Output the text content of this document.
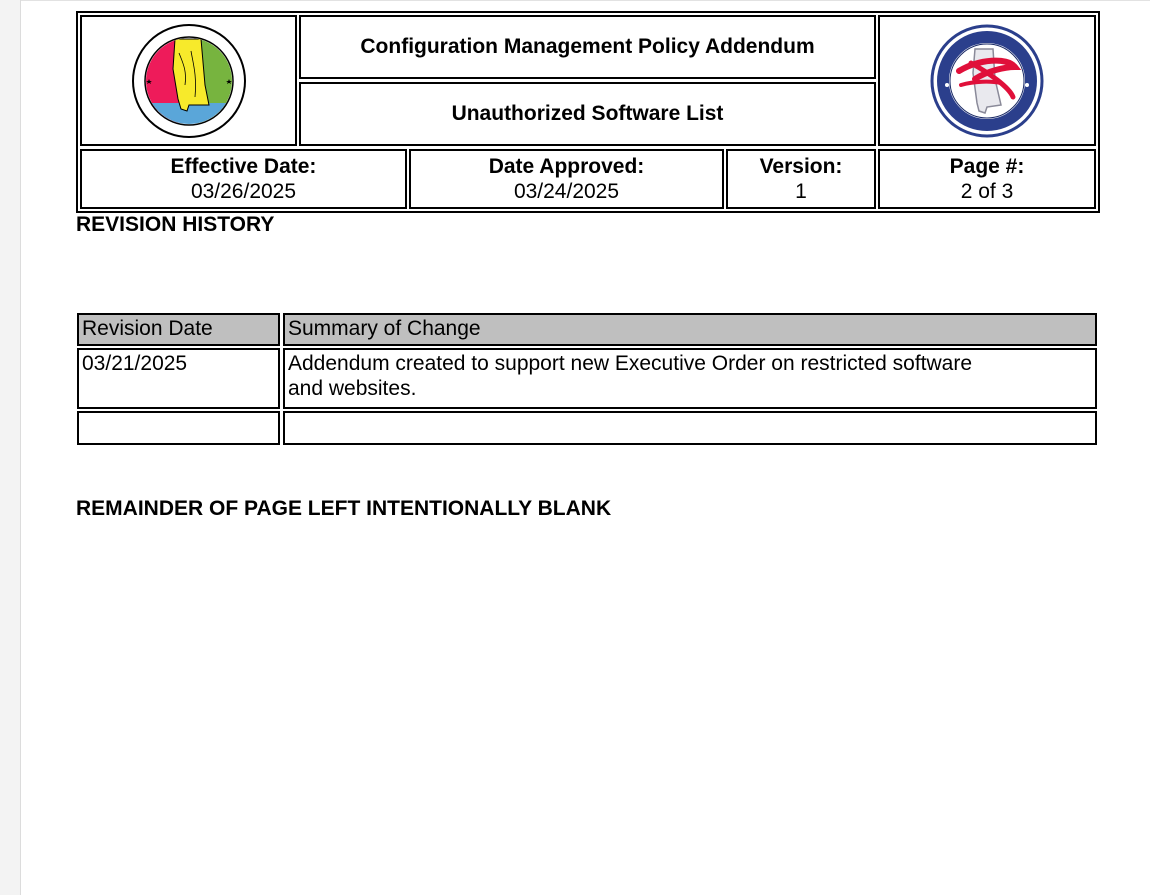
Configuration Management Policy Addendum
Unauthorized Software List
Effective Date:
03/26/2025
Date Approved:
03/24/2025
Version:
1
Page #:
2 of 3
REVISION HISTORY
Revision Date	Summary of Change
03/21/2025	Addendum created to support new Executive Order on restricted software
and websites.
REMAINDER OF PAGE LEFT INTENTIONALLY BLANK
